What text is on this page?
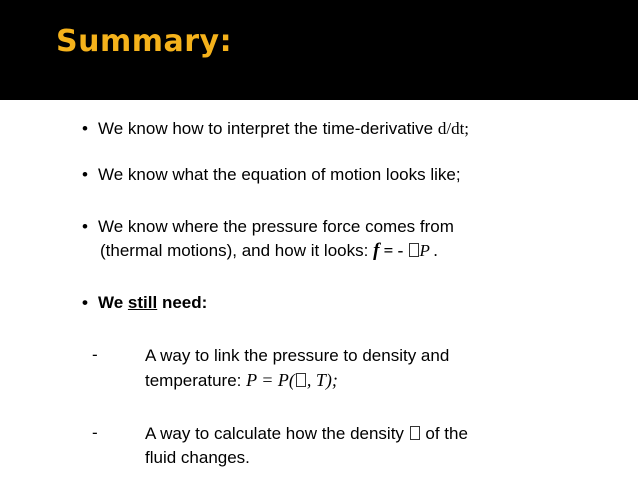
Summary:
• We know how to interpret the time-derivative d/dt;
• We know what the equation of motion looks like;
• We know where the pressure force comes from
(thermal motions), and how it looks: f = - P .
• We still need:
-	A way to link the pressure to density and
temperature: P = P( , T);
-	A way to calculate how the density  of the
fluid changes.
